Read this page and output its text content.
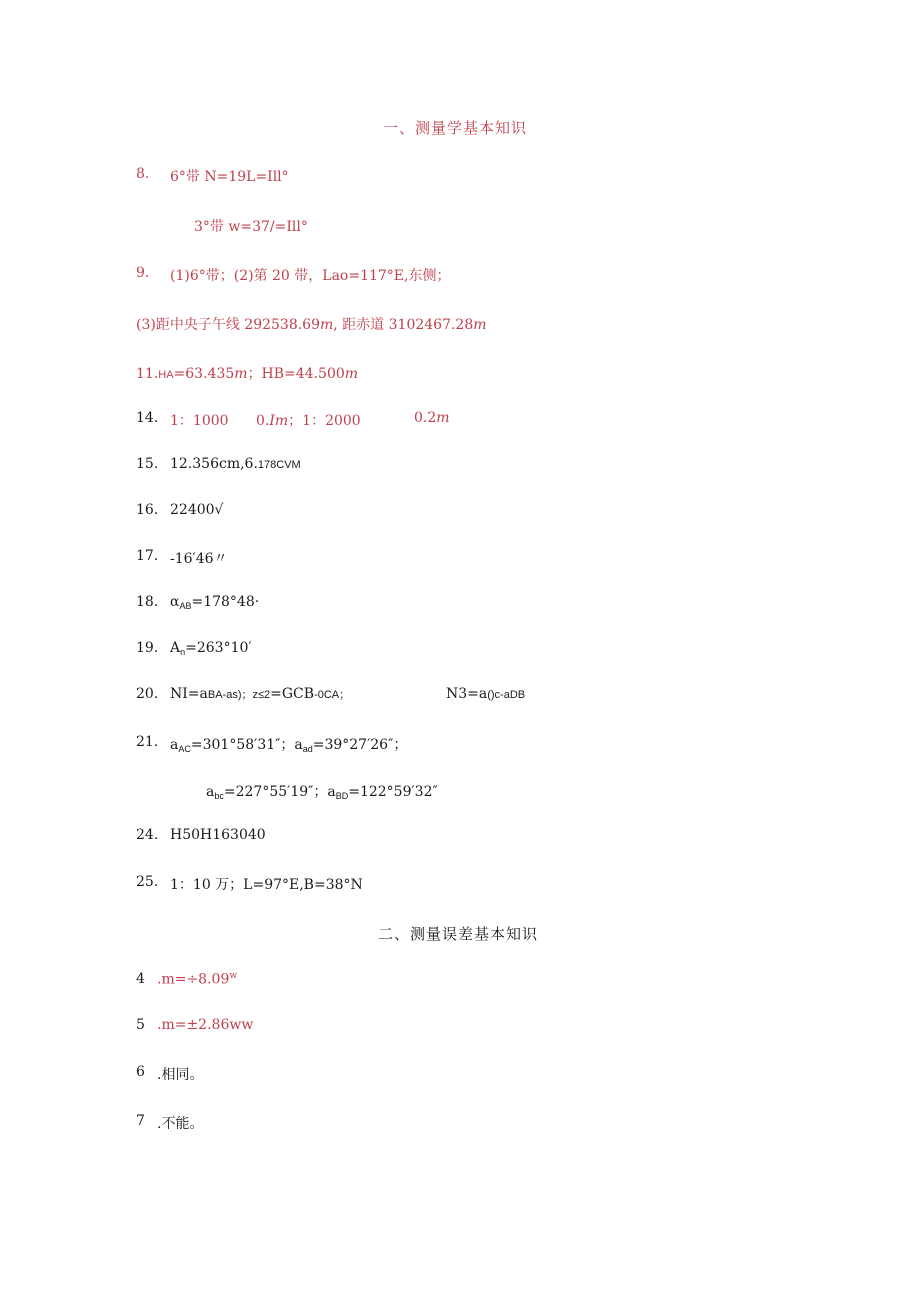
一、测量学基本知识
8. 6°带 N=19L=Ill°
3°带 w=37/=Ill°
9. (1)6°带；(2)第 20 带，Lao=117°E,东侧；
(3)距中央子午线 292538.69m, 距赤道 3102467.28m
11.HA=63.435m；HB=44.500m
14. 1：1000 0.Im；1：2000	0.2m
15. 12.356cm,6.178CVM
16. 22400√
17. -16′46〃
18. $\alpha_{AB}=178^\circ 48\cdot$
19. $A_n=263^\circ 10'$
20. NI=aBA-as)；z≤2=GCB-0CA；	N3=a()c-aDB
21. $a_{AC}=301^\circ 58'31''$；$a_{ad}=39^\circ 27'26''$；
$a_{bc}=227^\circ 55'19''$；$a_{BD}=122^\circ 59'32''$
24. H50H163040
25. 1：10 万；L=97°E,B=38°N
二、测量误差基本知识
4 $.m=\div 8.09^w$
5 .m=±2.86ww
6 .相同。
7 .不能。
